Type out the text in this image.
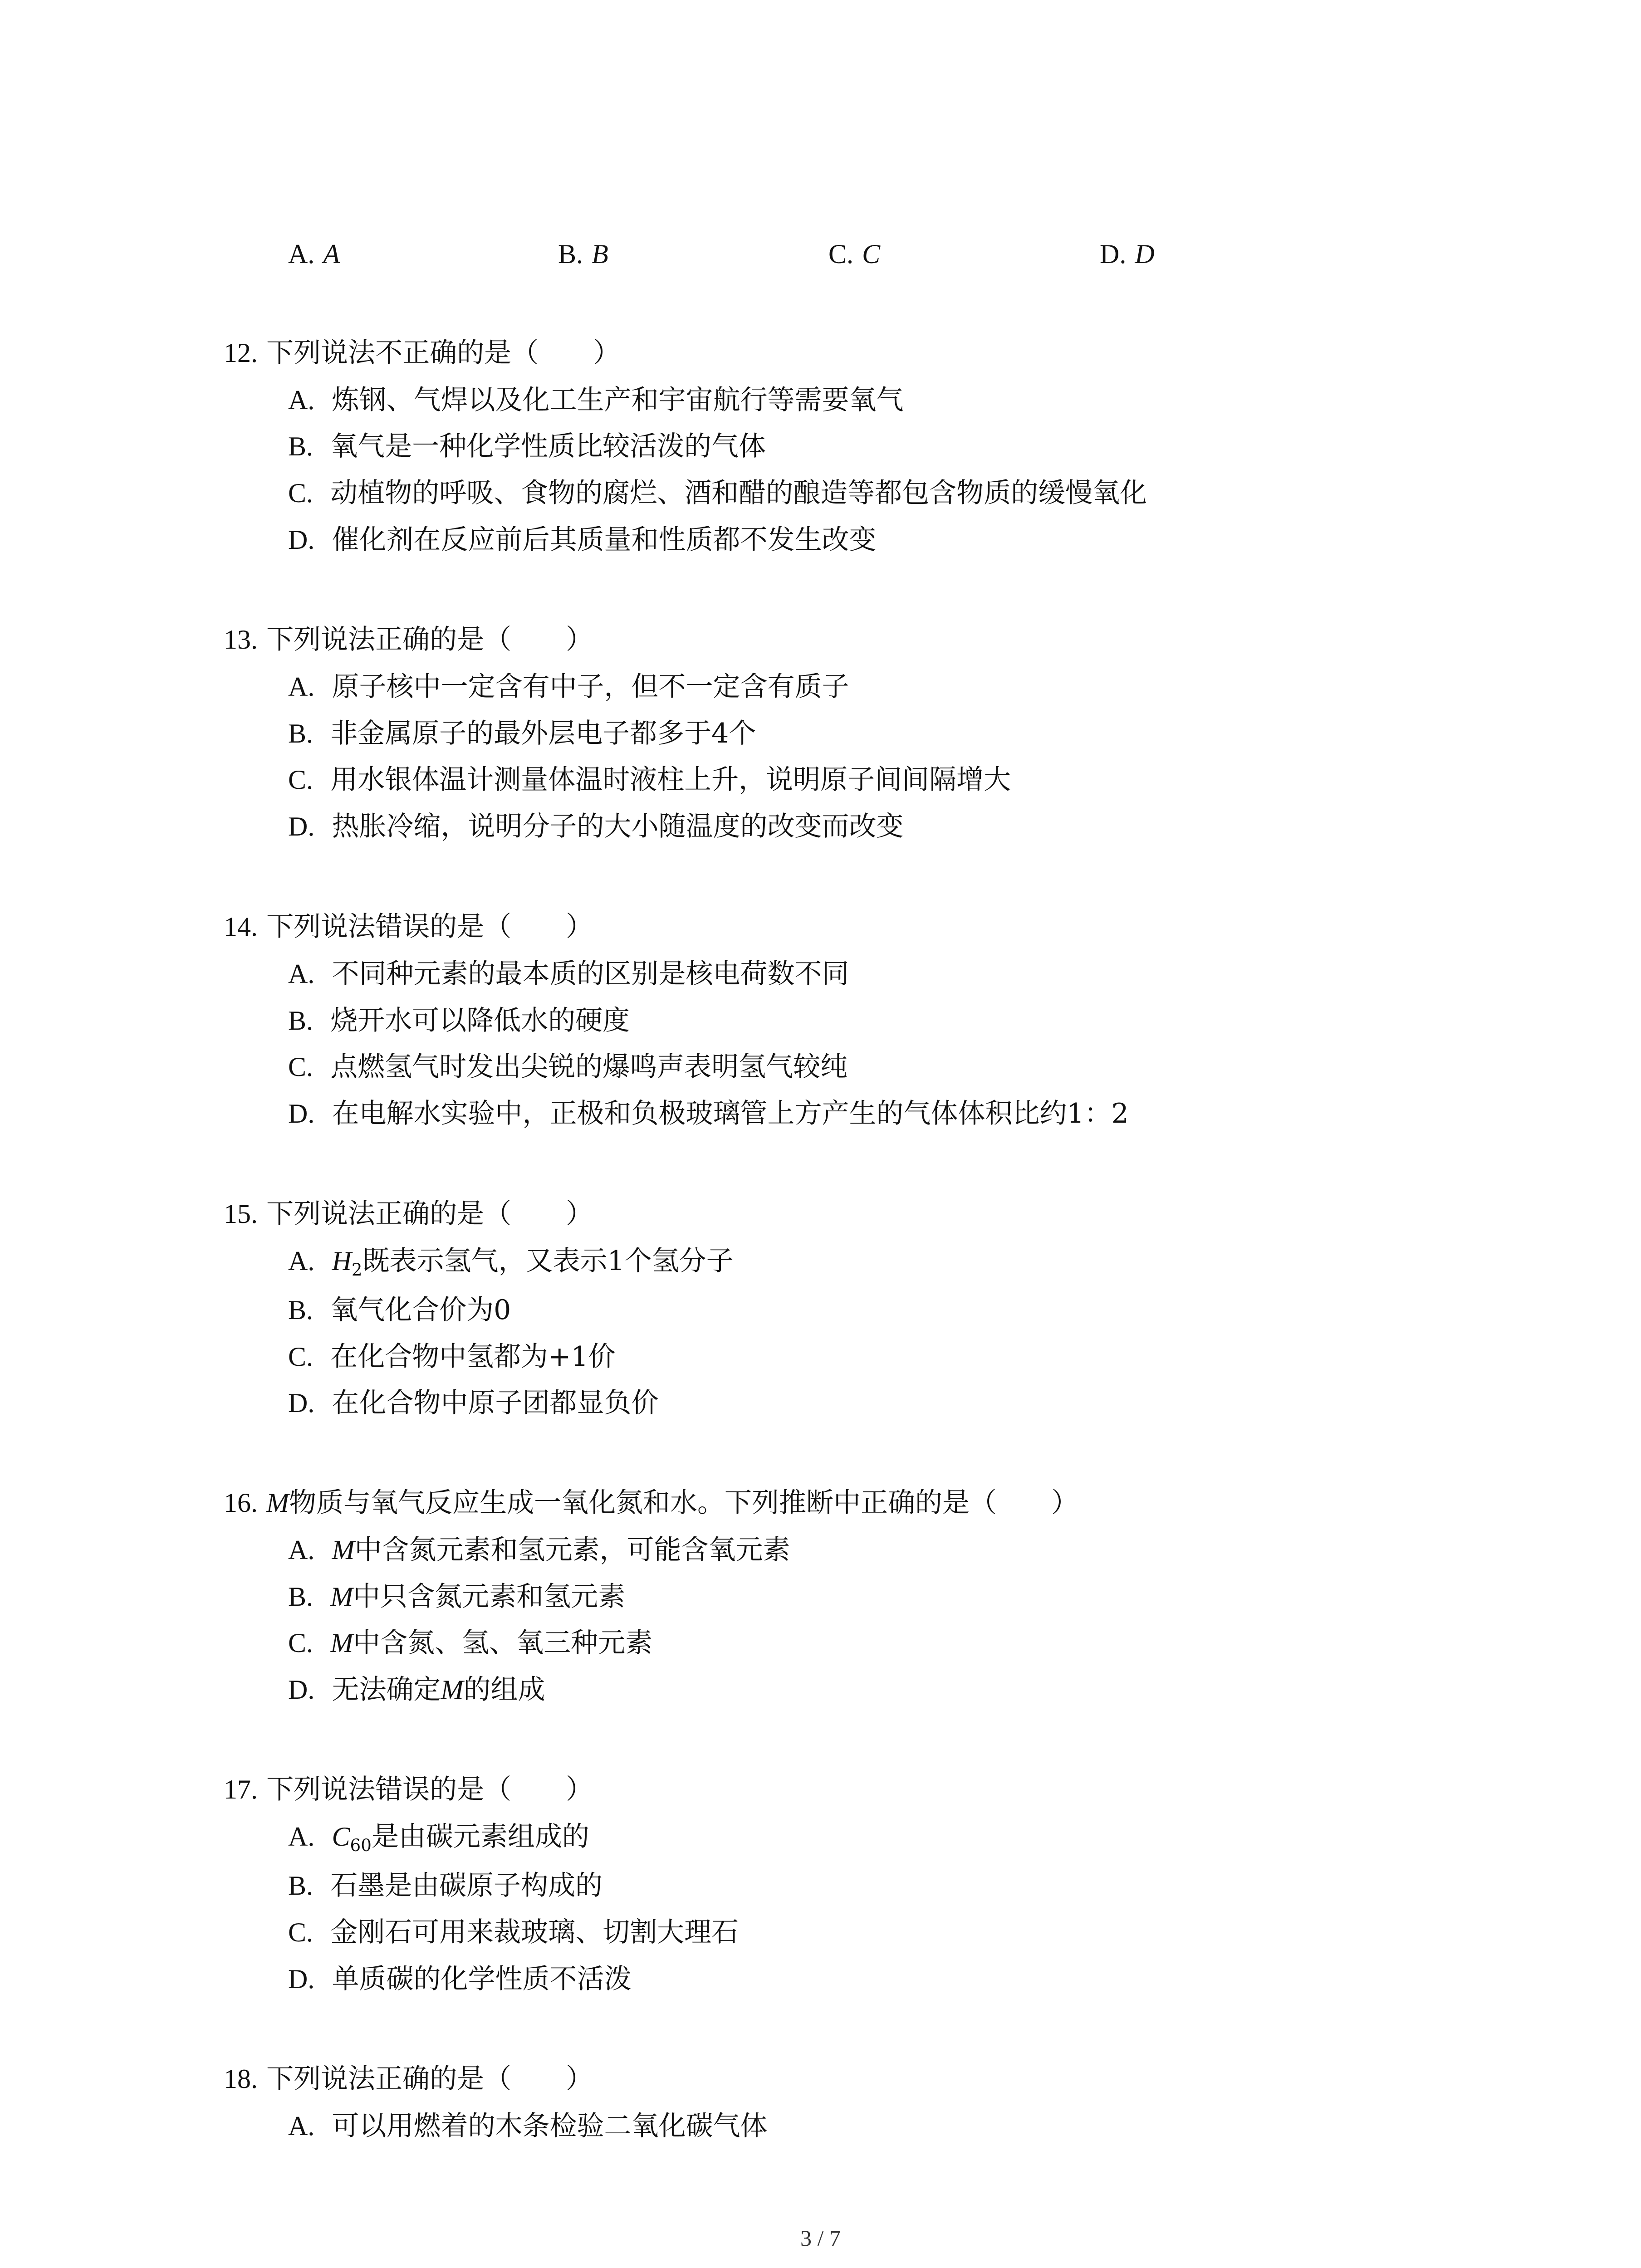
A. A	B. B	C. C	D. D
12. 下列说法不正确的是（　　）
A. 炼钢、气焊以及化工生产和宇宙航行等需要氧气
B. 氧气是一种化学性质比较活泼的气体
C. 动植物的呼吸、食物的腐烂、酒和醋的酿造等都包含物质的缓慢氧化
D. 催化剂在反应前后其质量和性质都不发生改变
13. 下列说法正确的是（　　）
A. 原子核中一定含有中子，但不一定含有质子
B. 非金属原子的最外层电子都多于4个
C. 用水银体温计测量体温时液柱上升，说明原子间间隔增大
D. 热胀冷缩，说明分子的大小随温度的改变而改变
14. 下列说法错误的是（　　）
A. 不同种元素的最本质的区别是核电荷数不同
B. 烧开水可以降低水的硬度
C. 点燃氢气时发出尖锐的爆鸣声表明氢气较纯
D. 在电解水实验中，正极和负极玻璃管上方产生的气体体积比约1：2
15. 下列说法正确的是（　　）
A. $H_2$既表示氢气，又表示1个氢分子
B. 氧气化合价为0
C. 在化合物中氢都为+1价
D. 在化合物中原子团都显负价
16. M物质与氧气反应生成一氧化氮和水。下列推断中正确的是（　　）
A. M中含氮元素和氢元素，可能含氧元素
B. M中只含氮元素和氢元素
C. M中含氮、氢、氧三种元素
D. 无法确定M的组成
17. 下列说法错误的是（　　）
A. $C_{60}$是由碳元素组成的
B. 石墨是由碳原子构成的
C. 金刚石可用来裁玻璃、切割大理石
D. 单质碳的化学性质不活泼
18. 下列说法正确的是（　　）
A. 可以用燃着的木条检验二氧化碳气体
3 / 7
